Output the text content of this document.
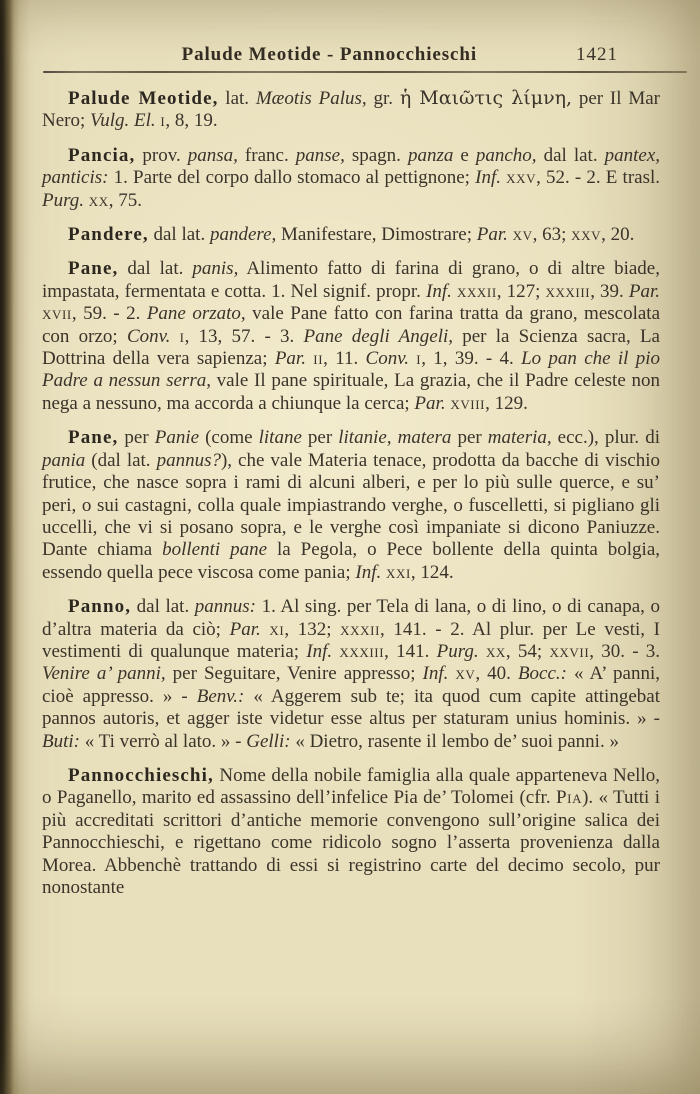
Palude Meotide - Pannocchieschi	1421

Palude Meotide, lat. Mæotis Palus, gr. ἡ Μαιῶτις λίμνη, per Il Mar Nero; Vulg. El. i, 8, 19.

Pancia, prov. pansa, franc. panse, spagn. panza e pancho, dal lat. pantex, panticis: 1. Parte del corpo dallo stomaco al pettignone; Inf. xxv, 52. - 2. E trasl. Purg. xx, 75.

Pandere, dal lat. pandere, Manifestare, Dimostrare; Par. xv, 63; xxv, 20.

Pane, dal lat. panis, Alimento fatto di farina di grano, o di altre biade, impastata, fermentata e cotta. 1. Nel signif. propr. Inf. xxxii, 127; xxxiii, 39. Par. xvii, 59. - 2. Pane orzato, vale Pane fatto con farina tratta da grano, mescolata con orzo; Conv. i, 13, 57. - 3. Pane degli Angeli, per la Scienza sacra, La Dottrina della vera sapienza; Par. ii, 11. Conv. i, 1, 39. - 4. Lo pan che il pio Padre a nessun serra, vale Il pane spirituale, La grazia, che il Padre celeste non nega a nessuno, ma accorda a chiunque la cerca; Par. xviii, 129.

Pane, per Panie (come litane per litanie, matera per materia, ecc.), plur. di pania (dal lat. pannus?), che vale Materia tenace, prodotta da bacche di vischio frutice, che nasce sopra i rami di alcuni alberi, e per lo più sulle querce, e su’ peri, o sui castagni, colla quale impiastrando verghe, o fuscelletti, si pigliano gli uccelli, che vi si posano sopra, e le verghe così impaniate si dicono Paniuzze. Dante chiama bollenti pane la Pegola, o Pece bollente della quinta bolgia, essendo quella pece viscosa come pania; Inf. xxi, 124.

Panno, dal lat. pannus: 1. Al sing. per Tela di lana, o di lino, o di canapa, o d’altra materia da ciò; Par. xi, 132; xxxii, 141. - 2. Al plur. per Le vesti, I vestimenti di qualunque materia; Inf. xxxiii, 141. Purg. xx, 54; xxvii, 30. - 3. Venire a’ panni, per Seguitare, Venire appresso; Inf. xv, 40. Bocc.: « A’ panni, cioè appresso. » - Benv.: « Aggerem sub te; ita quod cum capite attingebat pannos autoris, et agger iste videtur esse altus per staturam unius hominis. » - Buti: « Ti verrò al lato. » - Gelli: « Dietro, rasente il lembo de’ suoi panni. »

Pannocchieschi, Nome della nobile famiglia alla quale apparteneva Nello, o Paganello, marito ed assassino dell’infelice Pia de’ Tolomei (cfr. Pia). « Tutti i più accreditati scrittori d’antiche memorie convengono sull’origine salica dei Pannocchieschi, e rigettano come ridicolo sogno l’asserta provenienza dalla Morea. Abbenchè trattando di essi si registrino carte del decimo secolo, pur nonostante
